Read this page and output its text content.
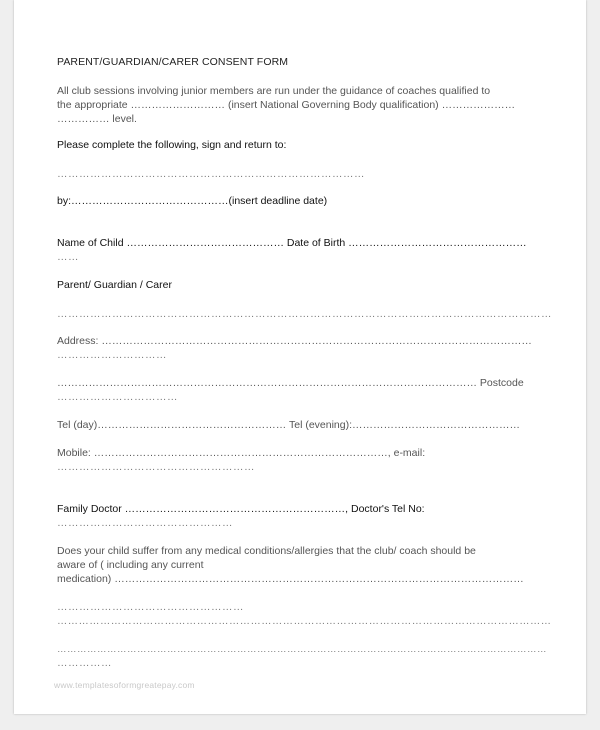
PARENT/GUARDIAN/CARER CONSENT FORM
All club sessions involving junior members are run under the guidance of coaches qualified to
the appropriate ……………………… (insert National Governing Body qualification) …………………
…………… level.
Please complete the following, sign and return to:
…………………………………………………………………………
by:………………………………………(insert deadline date)
Name of Child ……………………………………… Date of Birth ……………………………………………
……
Parent/ Guardian / Carer
………………………………………………………………………………………………………………………
Address: ……………………………………………………………………………………………………………
…………………………
………………………………………………………………………………………………………… Postcode
……………………………
Tel (day)……………………………………………… Tel (evening):…………………………………………
Mobile: …………………………………………………………………………, e-mail:
………………………………………………
Family Doctor ………………………………………………………, Doctor's Tel No:
…………………………………………
Does your child suffer from any medical conditions/allergies that the club/ coach should be
aware of ( including any current
medication) ………………………………………………………………………………………………………
……………………………………………
…………………………………………………………………………………………………………………………
…………………………………………………………………………………………………………………………………
……………
www.templatesoformgreatepay.com
